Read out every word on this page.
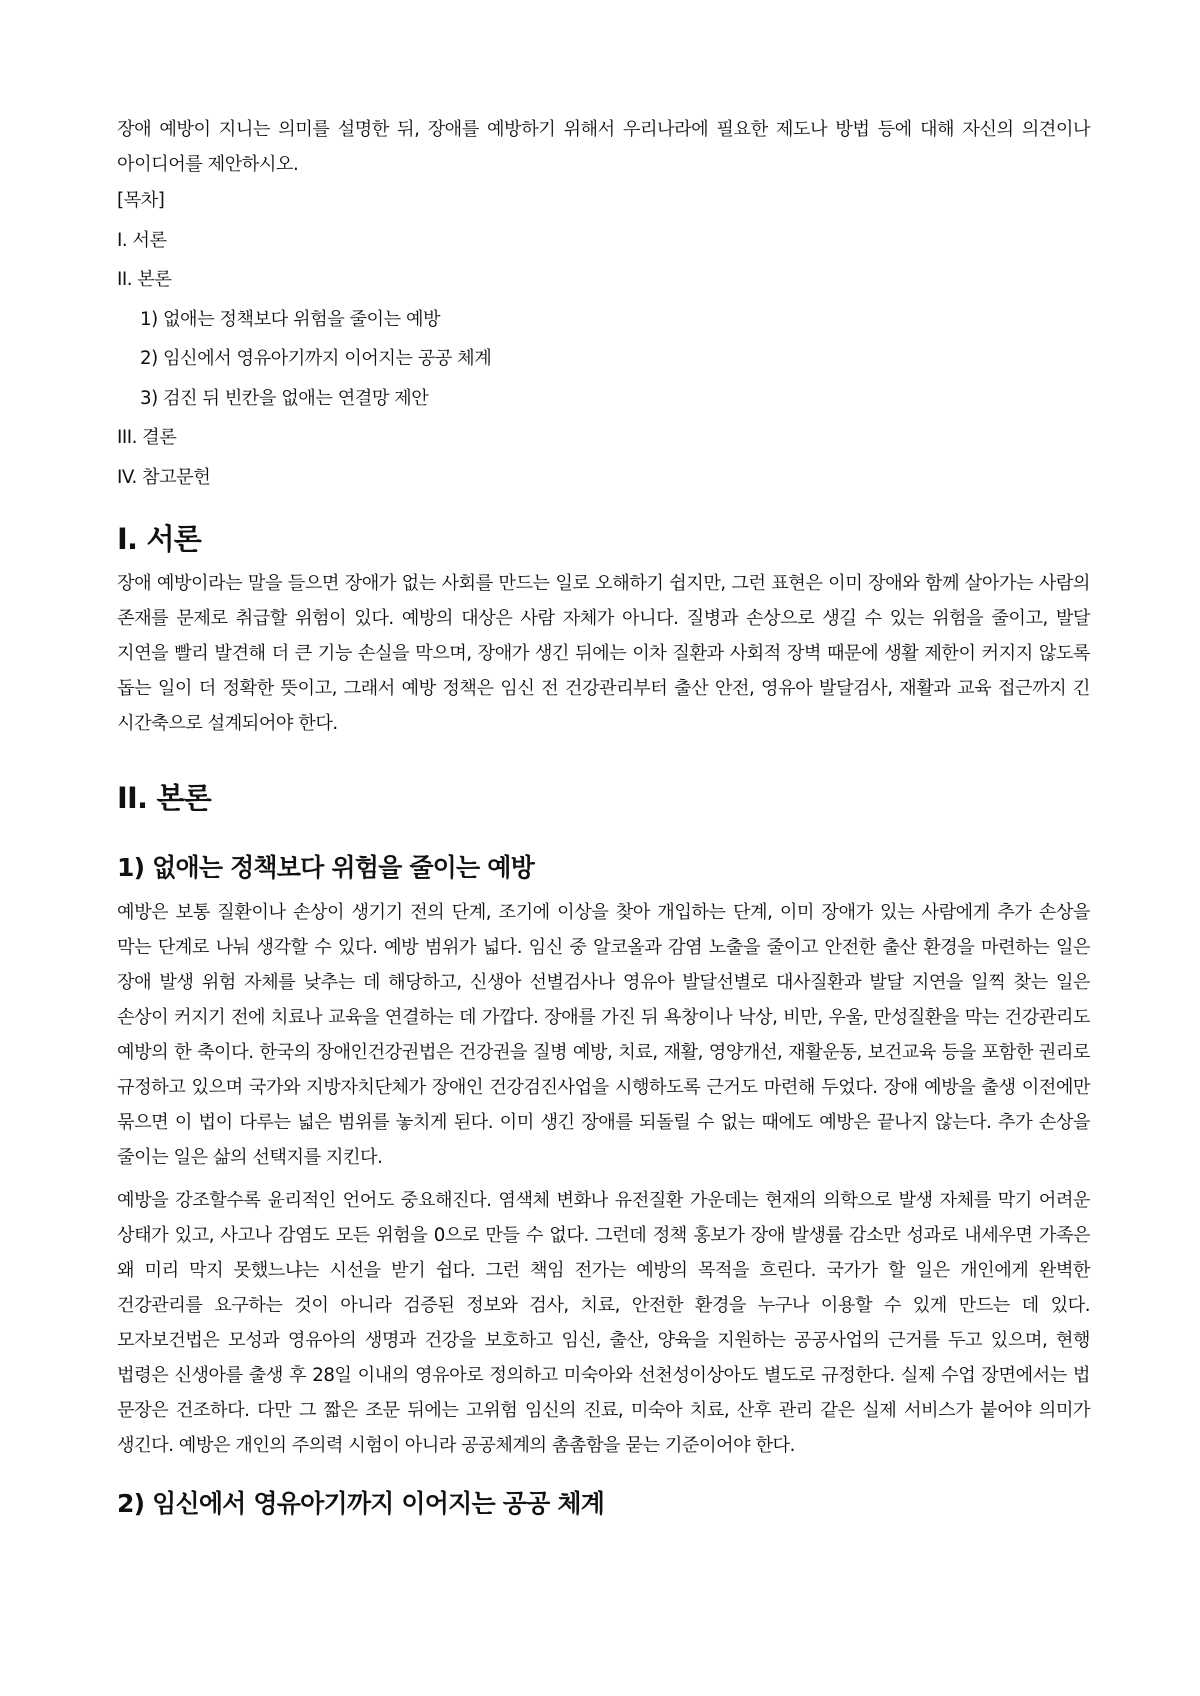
장애 예방이 지니는 의미를 설명한 뒤, 장애를 예방하기 위해서 우리나라에 필요한 제도나 방법 등에 대해 자신의 의견이나 아이디어를 제안하시오.

[목차]
I. 서론
II. 본론
1) 없애는 정책보다 위험을 줄이는 예방
2) 임신에서 영유아기까지 이어지는 공공 체계
3) 검진 뒤 빈칸을 없애는 연결망 제안
III. 결론
IV. 참고문헌
I. 서론

장애 예방이라는 말을 들으면 장애가 없는 사회를 만드는 일로 오해하기 쉽지만, 그런 표현은 이미 장애와 함께 살아가는 사람의 존재를 문제로 취급할 위험이 있다. 예방의 대상은 사람 자체가 아니다. 질병과 손상으로 생길 수 있는 위험을 줄이고, 발달 지연을 빨리 발견해 더 큰 기능 손실을 막으며, 장애가 생긴 뒤에는 이차 질환과 사회적 장벽 때문에 생활 제한이 커지지 않도록 돕는 일이 더 정확한 뜻이고, 그래서 예방 정책은 임신 전 건강관리부터 출산 안전, 영유아 발달검사, 재활과 교육 접근까지 긴 시간축으로 설계되어야 한다.

II. 본론
1) 없애는 정책보다 위험을 줄이는 예방

예방은 보통 질환이나 손상이 생기기 전의 단계, 조기에 이상을 찾아 개입하는 단계, 이미 장애가 있는 사람에게 추가 손상을 막는 단계로 나눠 생각할 수 있다. 예방 범위가 넓다. 임신 중 알코올과 감염 노출을 줄이고 안전한 출산 환경을 마련하는 일은 장애 발생 위험 자체를 낮추는 데 해당하고, 신생아 선별검사나 영유아 발달선별로 대사질환과 발달 지연을 일찍 찾는 일은 손상이 커지기 전에 치료나 교육을 연결하는 데 가깝다. 장애를 가진 뒤 욕창이나 낙상, 비만, 우울, 만성질환을 막는 건강관리도 예방의 한 축이다. 한국의 장애인건강권법은 건강권을 질병 예방, 치료, 재활, 영양개선, 재활운동, 보건교육 등을 포함한 권리로 규정하고 있으며 국가와 지방자치단체가 장애인 건강검진사업을 시행하도록 근거도 마련해 두었다. 장애 예방을 출생 이전에만 묶으면 이 법이 다루는 넓은 범위를 놓치게 된다. 이미 생긴 장애를 되돌릴 수 없는 때에도 예방은 끝나지 않는다. 추가 손상을 줄이는 일은 삶의 선택지를 지킨다.

예방을 강조할수록 윤리적인 언어도 중요해진다. 염색체 변화나 유전질환 가운데는 현재의 의학으로 발생 자체를 막기 어려운 상태가 있고, 사고나 감염도 모든 위험을 0으로 만들 수 없다. 그런데 정책 홍보가 장애 발생률 감소만 성과로 내세우면 가족은 왜 미리 막지 못했느냐는 시선을 받기 쉽다. 그런 책임 전가는 예방의 목적을 흐린다. 국가가 할 일은 개인에게 완벽한 건강관리를 요구하는 것이 아니라 검증된 정보와 검사, 치료, 안전한 환경을 누구나 이용할 수 있게 만드는 데 있다. 모자보건법은 모성과 영유아의 생명과 건강을 보호하고 임신, 출산, 양육을 지원하는 공공사업의 근거를 두고 있으며, 현행 법령은 신생아를 출생 후 28일 이내의 영유아로 정의하고 미숙아와 선천성이상아도 별도로 규정한다. 실제 수업 장면에서는 법 문장은 건조하다. 다만 그 짧은 조문 뒤에는 고위험 임신의 진료, 미숙아 치료, 산후 관리 같은 실제 서비스가 붙어야 의미가 생긴다. 예방은 개인의 주의력 시험이 아니라 공공체계의 촘촘함을 묻는 기준이어야 한다.

2) 임신에서 영유아기까지 이어지는 공공 체계
